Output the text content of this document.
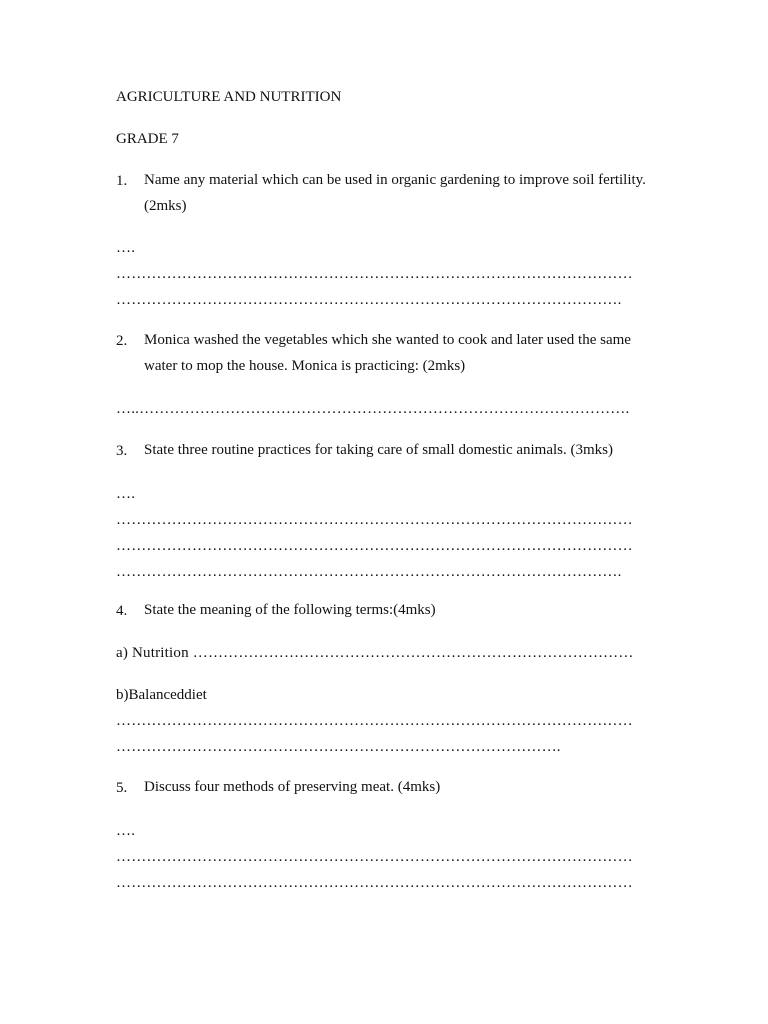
AGRICULTURE AND NUTRITION
GRADE 7
1. Name any material which can be used in organic gardening to improve soil fertility. (2mks)
….
…………………………………………………………………………………………
……………………………………………………………………………………….
2. Monica washed the vegetables which she wanted to cook and later used the same water to mop the house. Monica is practicing: (2mks)
…..…………………………………………………………………………………….
3. State three routine practices for taking care of small domestic animals. (3mks)
….
…………………………………………………………………………………………
…………………………………………………………………………………………
……………………………………………………………………………………….
4. State the meaning of the following terms:(4mks)
a) Nutrition ……………………………………………………………………………
b)Balanceddiet
…………………………………………………………………………………………
…………………………………………………………………………….
5. Discuss four methods of preserving meat. (4mks)
….
…………………………………………………………………………………………
…………………………………………………………………………………………
